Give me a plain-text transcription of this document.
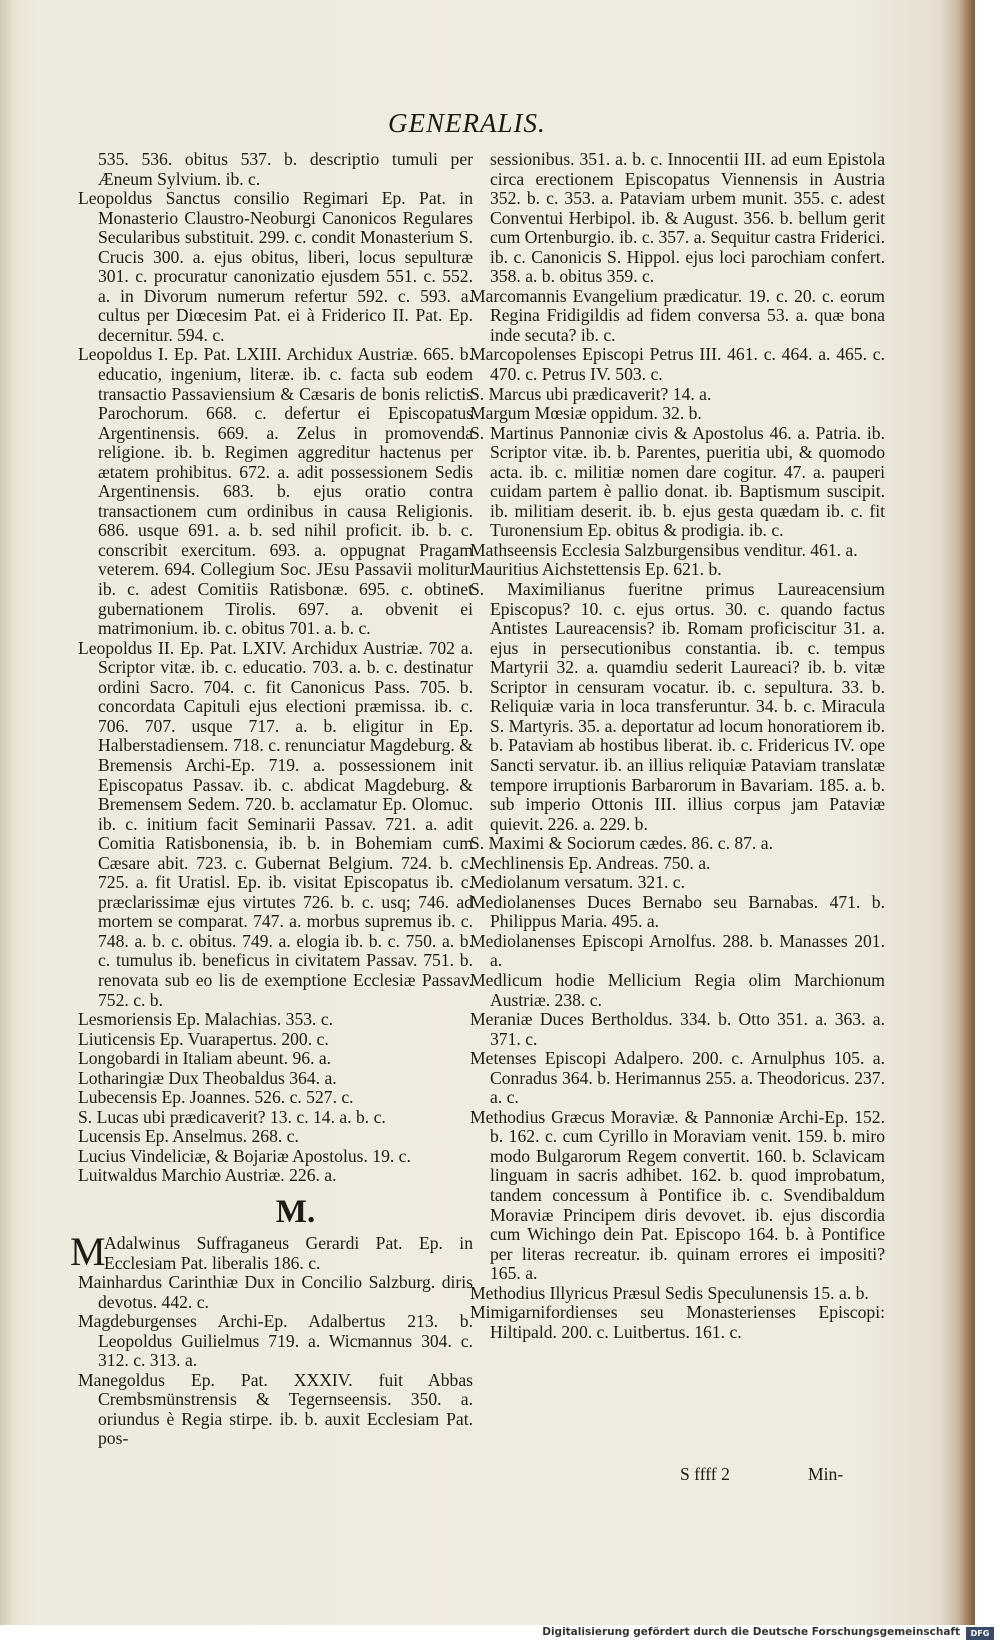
GENERALIS.

535. 536. obitus 537. b. descriptio tumuli per Æneum Sylvium. ib. c.

Leopoldus Sanctus consilio Regimari Ep. Pat. in Monasterio Claustro-Neoburgi Canonicos Regulares Secularibus substituit. 299. c. condit Monasterium S. Crucis 300. a. ejus obitus, liberi, locus sepulturæ 301. c. procuratur canonizatio ejusdem 551. c. 552. a. in Divorum numerum refertur 592. c. 593. a. cultus per Diœcesim Pat. ei à Friderico II. Pat. Ep. decernitur. 594. c.

Leopoldus I. Ep. Pat. LXIII. Archidux Austriæ. 665. b. educatio, ingenium, literæ. ib. c. facta sub eodem transactio Passaviensium & Cæsaris de bonis relictis Parochorum. 668. c. defertur ei Episcopatus Argentinensis. 669. a. Zelus in promovenda religione. ib. b. Regimen aggreditur hactenus per ætatem prohibitus. 672. a. adit possessionem Sedis Argentinensis. 683. b. ejus oratio contra transactionem cum ordinibus in causa Religionis. 686. usque 691. a. b. sed nihil proficit. ib. b. c. conscribit exercitum. 693. a. oppugnat Pragam veterem. 694. Collegium Soc. JEsu Passavii molitur. ib. c. adest Comitiis Ratisbonæ. 695. c. obtinet gubernationem Tirolis. 697. a. obvenit ei matrimonium. ib. c. obitus 701. a. b. c.

Leopoldus II. Ep. Pat. LXIV. Archidux Austriæ. 702 a. Scriptor vitæ. ib. c. educatio. 703. a. b. c. destinatur ordini Sacro. 704. c. fit Canonicus Pass. 705. b. concordata Capituli ejus electioni præmissa. ib. c. 706. 707. usque 717. a. b. eligitur in Ep. Halberstadiensem. 718. c. renunciatur Magdeburg. & Bremensis Archi-Ep. 719. a. possessionem init Episcopatus Passav. ib. c. abdicat Magdeburg. & Bremensem Sedem. 720. b. acclamatur Ep. Olomuc. ib. c. initium facit Seminarii Passav. 721. a. adit Comitia Ratisbonensia, ib. b. in Bohemiam cum Cæsare abit. 723. c. Gubernat Belgium. 724. b. c. 725. a. fit Uratisl. Ep. ib. visitat Episcopatus ib. c. præclarissimæ ejus virtutes 726. b. c. usq; 746. ad mortem se comparat. 747. a. morbus supremus ib. c. 748. a. b. c. obitus. 749. a. elogia ib. b. c. 750. a. b. c. tumulus ib. beneficus in civitatem Passav. 751. b. renovata sub eo lis de exemptione Ecclesiæ Passav. 752. c. b.

Lesmoriensis Ep. Malachias. 353. c.

Liuticensis Ep. Vuarapertus. 200. c.

Longobardi in Italiam abeunt. 96. a.

Lotharingiæ Dux Theobaldus 364. a.

Lubecensis Ep. Joannes. 526. c. 527. c.

S. Lucas ubi prædicaverit? 13. c. 14. a. b. c.

Lucensis Ep. Anselmus. 268. c.

Lucius Vindeliciæ, & Bojariæ Apostolus. 19. c.

Luitwaldus Marchio Austriæ. 226. a.

M.

M
Adalwinus Suffraganeus Gerardi Pat. Ep. in Ecclesiam Pat. liberalis 186. c.

Mainhardus Carinthiæ Dux in Concilio Salzburg. diris devotus. 442. c.

Magdeburgenses Archi-Ep. Adalbertus 213. b. Leopoldus Guilielmus 719. a. Wicmannus 304. c. 312. c. 313. a.

Manegoldus Ep. Pat. XXXIV. fuit Abbas Crembsmünstrensis & Tegernseensis. 350. a. oriundus è Regia stirpe. ib. b. auxit Ecclesiam Pat. pos-

sessionibus. 351. a. b. c. Innocentii III. ad eum Epistola circa erectionem Episcopatus Viennensis in Austria 352. b. c. 353. a. Pataviam urbem munit. 355. c. adest Conventui Herbipol. ib. & August. 356. b. bellum gerit cum Ortenburgio. ib. c. 357. a. Sequitur castra Friderici. ib. c. Canonicis S. Hippol. ejus loci parochiam confert. 358. a. b. obitus 359. c.

Marcomannis Evangelium prædicatur. 19. c. 20. c. eorum Regina Fridigildis ad fidem conversa 53. a. quæ bona inde secuta? ib. c.

Marcopolenses Episcopi Petrus III. 461. c. 464. a. 465. c. 470. c. Petrus IV. 503. c.

S. Marcus ubi prædicaverit? 14. a.

Margum Mœsiæ oppidum. 32. b.

S. Martinus Pannoniæ civis & Apostolus 46. a. Patria. ib. Scriptor vitæ. ib. b. Parentes, pueritia ubi, & quomodo acta. ib. c. militiæ nomen dare cogitur. 47. a. pauperi cuidam partem è pallio donat. ib. Baptismum suscipit. ib. militiam deserit. ib. b. ejus gesta quædam ib. c. fit Turonensium Ep. obitus & prodigia. ib. c.

Mathseensis Ecclesia Salzburgensibus venditur. 461. a.

Mauritius Aichstettensis Ep. 621. b.

S. Maximilianus fueritne primus Laureacensium Episcopus? 10. c. ejus ortus. 30. c. quando factus Antistes Laureacensis? ib. Romam proficiscitur 31. a. ejus in persecutionibus constantia. ib. c. tempus Martyrii 32. a. quamdiu sederit Laureaci? ib. b. vitæ Scriptor in censuram vocatur. ib. c. sepultura. 33. b. Reliquiæ varia in loca transferuntur. 34. b. c. Miracula S. Martyris. 35. a. deportatur ad locum honoratiorem ib. b. Pataviam ab hostibus liberat. ib. c. Fridericus IV. ope Sancti servatur. ib. an illius reliquiæ Pataviam translatæ tempore irruptionis Barbarorum in Bavariam. 185. a. b. sub imperio Ottonis III. illius corpus jam Pataviæ quievit. 226. a. 229. b.

S. Maximi & Sociorum cædes. 86. c. 87. a.

Mechlinensis Ep. Andreas. 750. a.

Mediolanum versatum. 321. c.

Mediolanenses Duces Bernabo seu Barnabas. 471. b. Philippus Maria. 495. a.

Mediolanenses Episcopi Arnolfus. 288. b. Manasses 201. a.

Medlicum hodie Mellicium Regia olim Marchionum Austriæ. 238. c.

Meraniæ Duces Bertholdus. 334. b. Otto 351. a. 363. a. 371. c.

Metenses Episcopi Adalpero. 200. c. Arnulphus 105. a. Conradus 364. b. Herimannus 255. a. Theodoricus. 237. a. c.

Methodius Græcus Moraviæ. & Pannoniæ Archi-Ep. 152. b. 162. c. cum Cyrillo in Moraviam venit. 159. b. miro modo Bulgarorum Regem convertit. 160. b. Sclavicam linguam in sacris adhibet. 162. b. quod improbatum, tandem concessum à Pontifice ib. c. Svendibaldum Moraviæ Principem diris devovet. ib. ejus discordia cum Wichingo dein Pat. Episcopo 164. b. à Pontifice per literas recreatur. ib. quinam errores ei impositi? 165. a.

Methodius Illyricus Præsul Sedis Speculunensis 15. a. b.

Mimigarnifordienses seu Monasterienses Episcopi: Hiltipald. 200. c. Luitbertus. 161. c.

S ffff 2	Min-
Digitalisierung gefördert durch die Deutsche Forschungsgemeinschaft	DFG
